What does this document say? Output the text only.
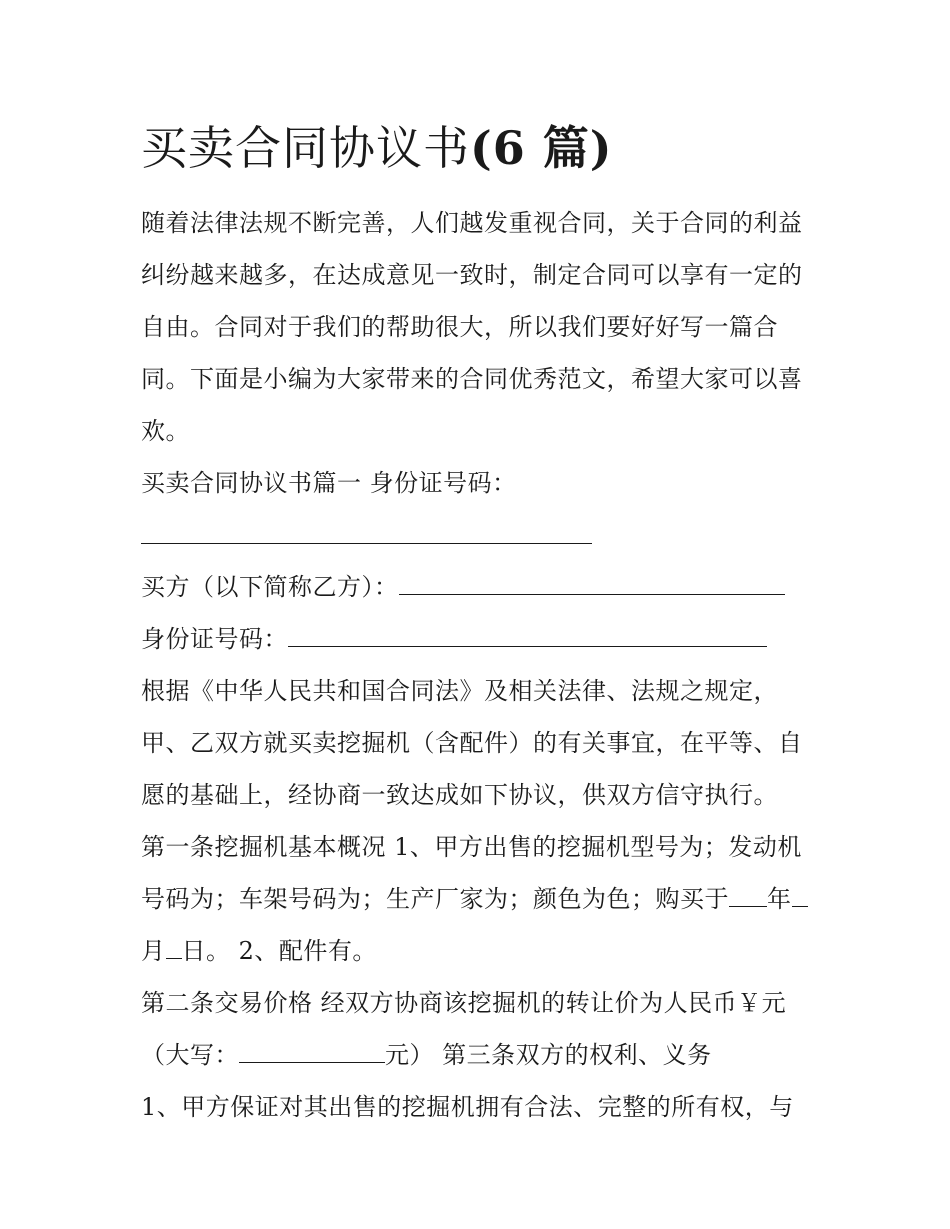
买卖合同协议书(6 篇)

随着法律法规不断完善，人们越发重视合同，关于合同的利益纠纷越来越多，在达成意见一致时，制定合同可以享有一定的自由。合同对于我们的帮助很大，所以我们要好好写一篇合同。下面是小编为大家带来的合同优秀范文，希望大家可以喜欢。

买卖合同协议书篇一 身份证号码：

买方（以下简称乙方）：

身份证号码：

根据《中华人民共和国合同法》及相关法律、法规之规定，甲、乙双方就买卖挖掘机（含配件）的有关事宜，在平等、自愿的基础上，经协商一致达成如下协议，供双方信守执行。

第一条挖掘机基本概况 1、甲方出售的挖掘机型号为；发动机号码为；车架号码为；生产厂家为；颜色为色；购买于 年月 日。 2、配件有。

第二条交易价格 经双方协商该挖掘机的转让价为人民币￥元（大写：	元） 第三条双方的权利、义务

1、甲方保证对其出售的挖掘机拥有合法、完整的所有权，与
